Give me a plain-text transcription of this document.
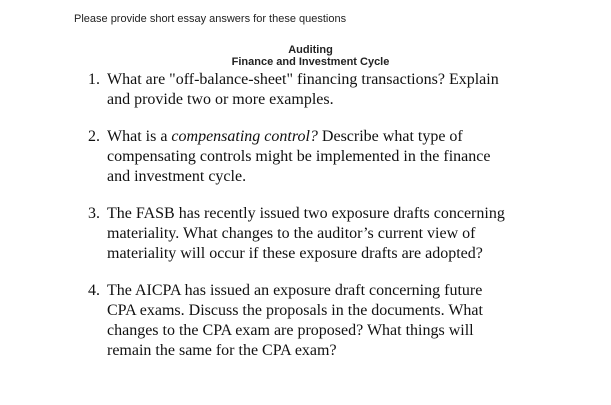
Please provide short essay answers for these questions
Auditing
Finance and Investment Cycle
1. What are "off-balance-sheet" financing transactions? Explain
and provide two or more examples.
2. What is a compensating control? Describe what type of
compensating controls might be implemented in the finance
and investment cycle.
3. The FASB has recently issued two exposure drafts concerning
materiality. What changes to the auditor’s current view of
materiality will occur if these exposure drafts are adopted?
4. The AICPA has issued an exposure draft concerning future
CPA exams. Discuss the proposals in the documents. What
changes to the CPA exam are proposed? What things will
remain the same for the CPA exam?
